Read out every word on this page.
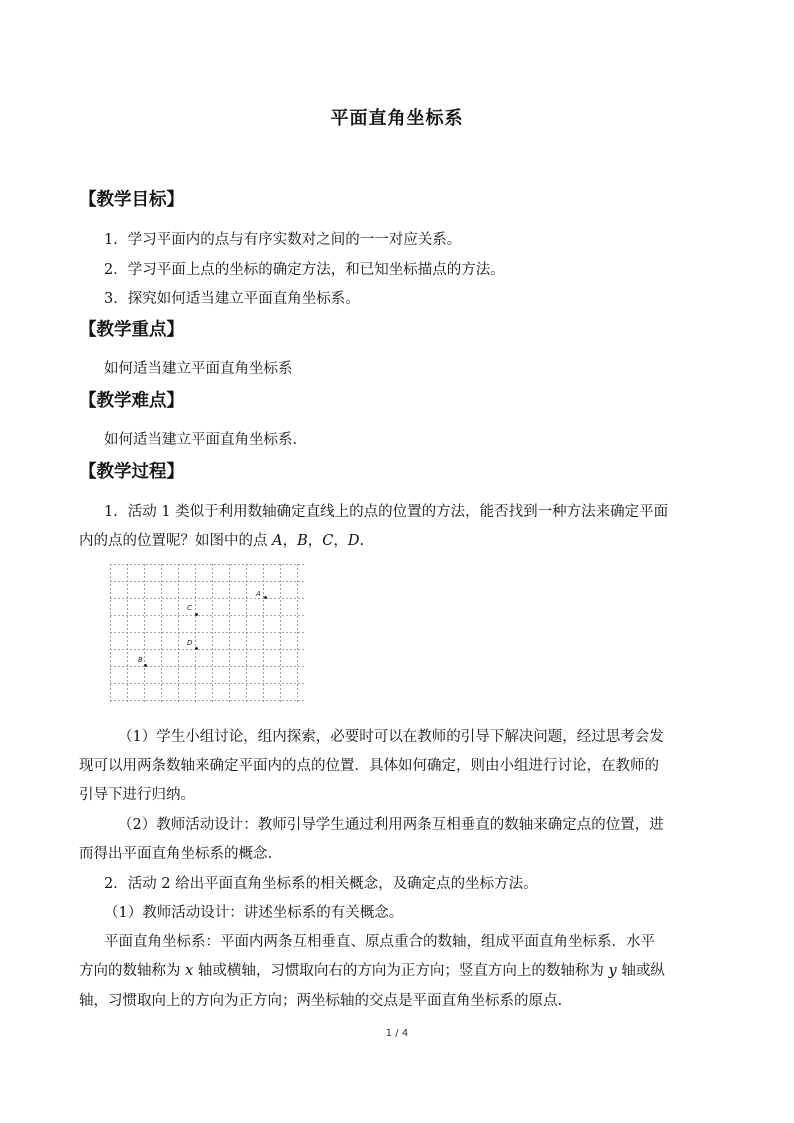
平面直角坐标系
【教学目标】
1．学习平面内的点与有序实数对之间的一一对应关系。
2．学习平面上点的坐标的确定方法，和已知坐标描点的方法。
3．探究如何适当建立平面直角坐标系。
【教学重点】
如何适当建立平面直角坐标系
【教学难点】
如何适当建立平面直角坐标系.
【教学过程】
1．活动 1 类似于利用数轴确定直线上的点的位置的方法，能否找到一种方法来确定平面
内的点的位置呢？如图中的点 A，B，C，D.
A
C
D
B
（1）学生小组讨论，组内探索，必要时可以在教师的引导下解决问题，经过思考会发
现可以用两条数轴来确定平面内的点的位置．具体如何确定，则由小组进行讨论，在教师的
引导下进行归纳。
（2）教师活动设计：教师引导学生通过利用两条互相垂直的数轴来确定点的位置，进
而得出平面直角坐标系的概念.
2．活动 2 给出平面直角坐标系的相关概念，及确定点的坐标方法。
（1）教师活动设计：讲述坐标系的有关概念。
平面直角坐标系：平面内两条互相垂直、原点重合的数轴，组成平面直角坐标系．水平
方向的数轴称为 x 轴或横轴，习惯取向右的方向为正方向；竖直方向上的数轴称为 y 轴或纵
轴，习惯取向上的方向为正方向；两坐标轴的交点是平面直角坐标系的原点.
1 / 4
